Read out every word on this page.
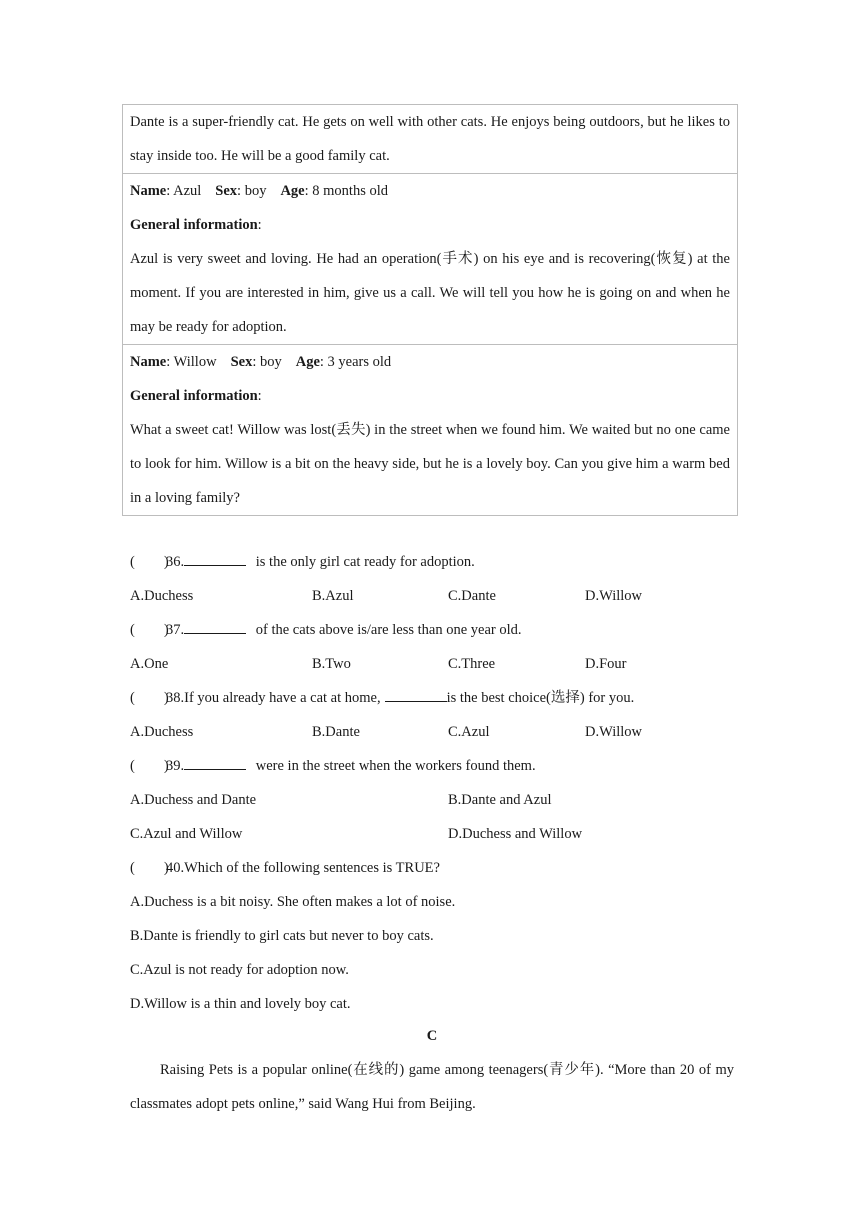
Dante is a super-friendly cat. He gets on well with other cats. He enjoys being outdoors, but he likes to stay inside too. He will be a good family cat.

Name: Azul Sex: boy Age: 8 months old

General information:

Azul is very sweet and loving. He had an operation(手术) on his eye and is recovering(恢复) at the moment. If you are interested in him, give us a call. We will tell you how he is going on and when he may be ready for adoption.

Name: Willow Sex: boy Age: 3 years old

General information:

What a sweet cat! Willow was lost(丢失) in the street when we found him. We waited but no one came to look for him. Willow is a bit on the heavy side, but he is a lovely boy. Can you give him a warm bed in a loving family?

(　　)36.	is the only girl cat ready for adoption.
A.Duchess	B.Azul	C.Dante	D.Willow
(　　)37.	of the cats above is/are less than one year old.
A.One	B.Two	C.Three	D.Four
(　　)38.If you already have a cat at home,	is the best choice(选择) for you.
A.Duchess	B.Dante	C.Azul	D.Willow
(　　)39.	were in the street when the workers found them.
A.Duchess and Dante	B.Dante and Azul
C.Azul and Willow	D.Duchess and Willow
(　　)40.Which of the following sentences is TRUE?
A.Duchess is a bit noisy. She often makes a lot of noise.
B.Dante is friendly to girl cats but never to boy cats.
C.Azul is not ready for adoption now.
D.Willow is a thin and lovely boy cat.
C

Raising Pets is a popular online(在线的) game among teenagers(青少年). “More than 20 of my classmates adopt pets online,” said Wang Hui from Beijing.
